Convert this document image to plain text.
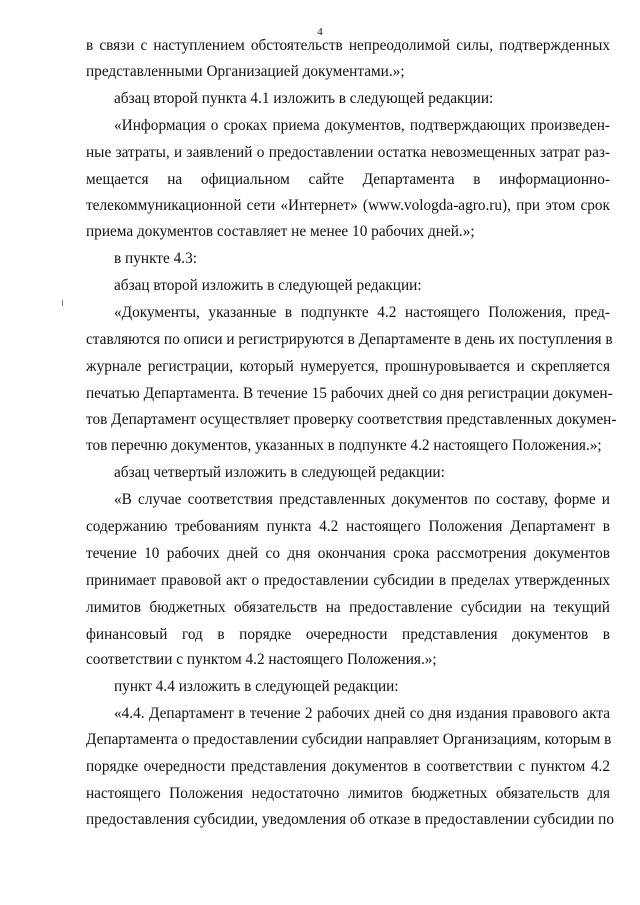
4
в связи с наступлением обстоятельств непреодолимой силы, подтвержденных
представленными Организацией документами.»;
абзац второй пункта 4.1 изложить в следующей редакции:
«Информация о сроках приема документов, подтверждающих произведен-
ные затраты, и заявлений о предоставлении остатка невозмещенных затрат раз-
мещается на официальном сайте Департамента в информационно-
телекоммуникационной сети «Интернет» (www.vologda-agro.ru), при этом срок
приема документов составляет не менее 10 рабочих дней.»;
в пункте 4.3:
абзац второй изложить в следующей редакции:
«Документы, указанные в подпункте 4.2 настоящего Положения, пред-
ставляются по описи и регистрируются в Департаменте в день их поступления в
журнале регистрации, который нумеруется, прошнуровывается и скрепляется
печатью Департамента. В течение 15 рабочих дней со дня регистрации докумен-
тов Департамент осуществляет проверку соответствия представленных докумен-
тов перечню документов, указанных в подпункте 4.2 настоящего Положения.»;
абзац четвертый изложить в следующей редакции:
«В случае соответствия представленных документов по составу, форме и
содержанию требованиям пункта 4.2 настоящего Положения Департамент в
течение 10 рабочих дней со дня окончания срока рассмотрения документов
принимает правовой акт о предоставлении субсидии в пределах утвержденных
лимитов бюджетных обязательств на предоставление субсидии на текущий
финансовый год в порядке очередности представления документов в
соответствии с пунктом 4.2 настоящего Положения.»;
пункт 4.4 изложить в следующей редакции:
«4.4. Департамент в течение 2 рабочих дней со дня издания правового акта
Департамента о предоставлении субсидии направляет Организациям, которым в
порядке очередности представления документов в соответствии с пунктом 4.2
настоящего Положения недостаточно лимитов бюджетных обязательств для
предоставления субсидии, уведомления об отказе в предоставлении субсидии по
